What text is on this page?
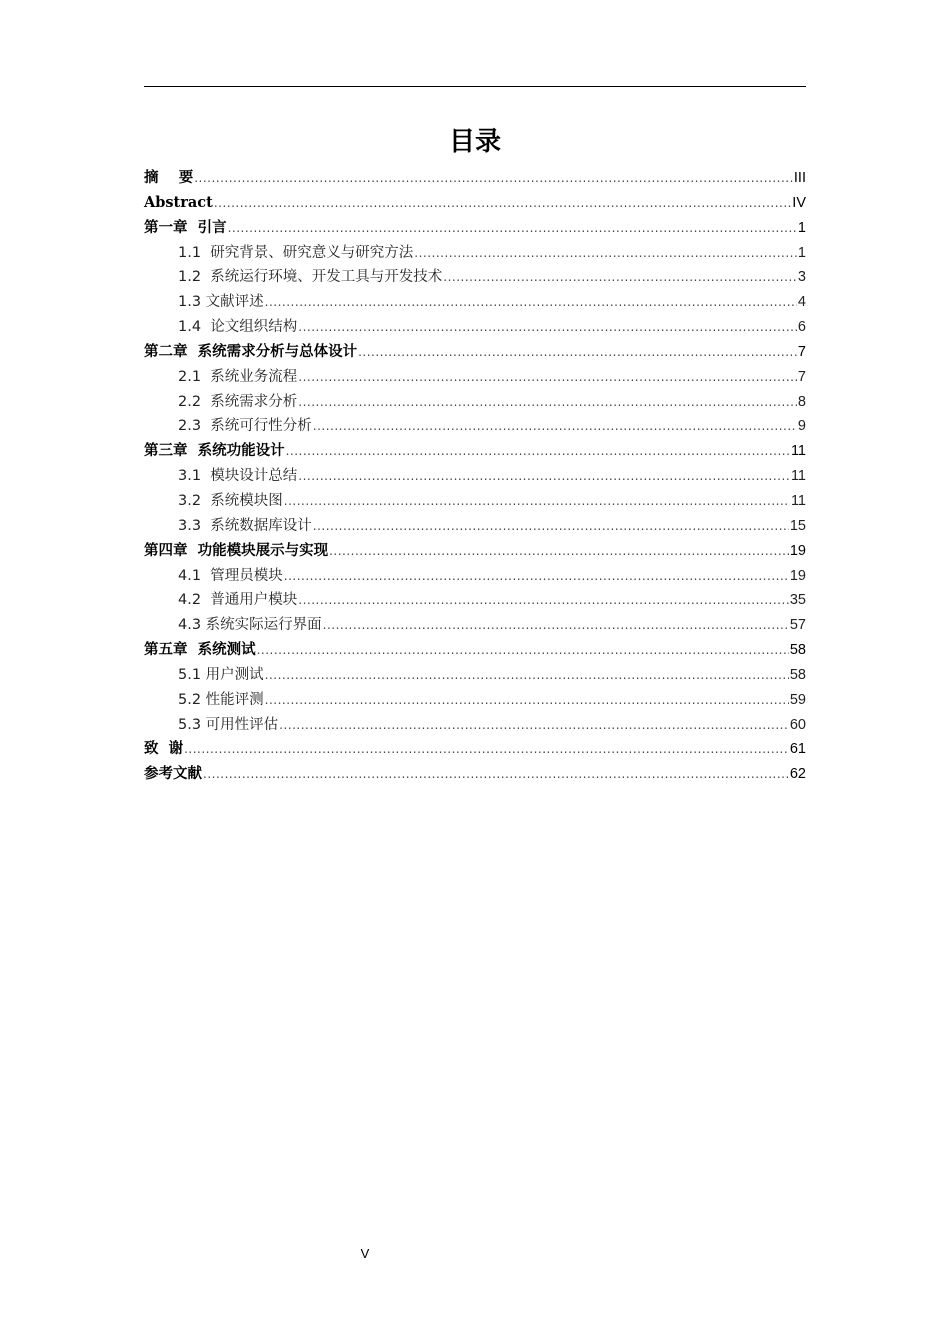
目录
摘    要 .....	III
Abstract .....	IV
第一章  引言 .....	1
1.1  研究背景、研究意义与研究方法 .....	1
1.2  系统运行环境、开发工具与开发技术 .....	3
1.3 文献评述 .....	4
1.4  论文组织结构 .....	6
第二章  系统需求分析与总体设计 .....	7
2.1  系统业务流程 .....	7
2.2  系统需求分析 .....	8
2.3  系统可行性分析 .....	9
第三章  系统功能设计 .....	11
3.1  模块设计总结 .....	11
3.2  系统模块图 .....	11
3.3  系统数据库设计 .....	15
第四章  功能模块展示与实现 .....	19
4.1  管理员模块 .....	19
4.2  普通用户模块 .....	35
4.3 系统实际运行界面 .....	57
第五章  系统测试 .....	58
5.1 用户测试 .....	58
5.2 性能评测 .....	59
5.3 可用性评估 .....	60
致  谢 .....	61
参考文献 .....	62
V
